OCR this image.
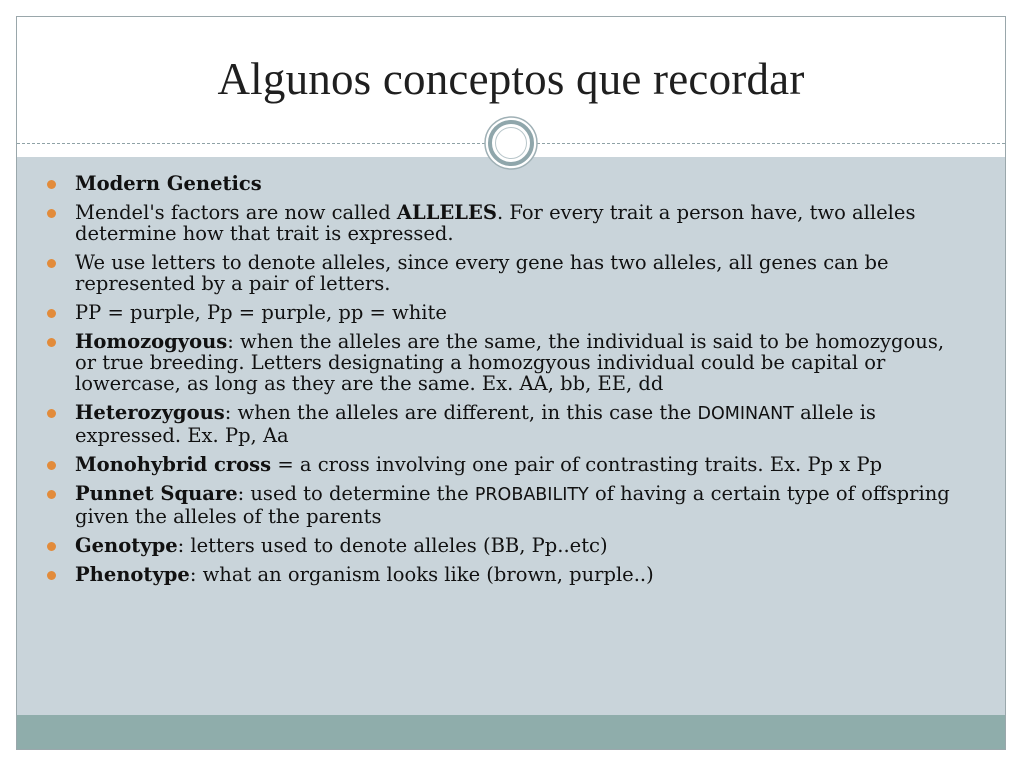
Algunos conceptos que recordar
Modern Genetics
Mendel's factors are now called ALLELES. For every trait a person have, two alleles determine how that trait is expressed.
We use letters to denote alleles, since every gene has two alleles, all genes can be represented by a pair of letters.
PP = purple, Pp = purple, pp = white
Homozogyous: when the alleles are the same, the individual is said to be homozygous, or true breeding. Letters designating a homozgyous individual could be capital or lowercase, as long as they are the same. Ex. AA, bb, EE, dd
Heterozygous: when the alleles are different, in this case the DOMINANT allele is expressed. Ex. Pp, Aa
Monohybrid cross = a cross involving one pair of contrasting traits. Ex. Pp x Pp
Punnet Square: used to determine the PROBABILITY of having a certain type of offspring given the alleles of the parents
Genotype: letters used to denote alleles (BB, Pp..etc)
Phenotype: what an organism looks like (brown, purple..)
